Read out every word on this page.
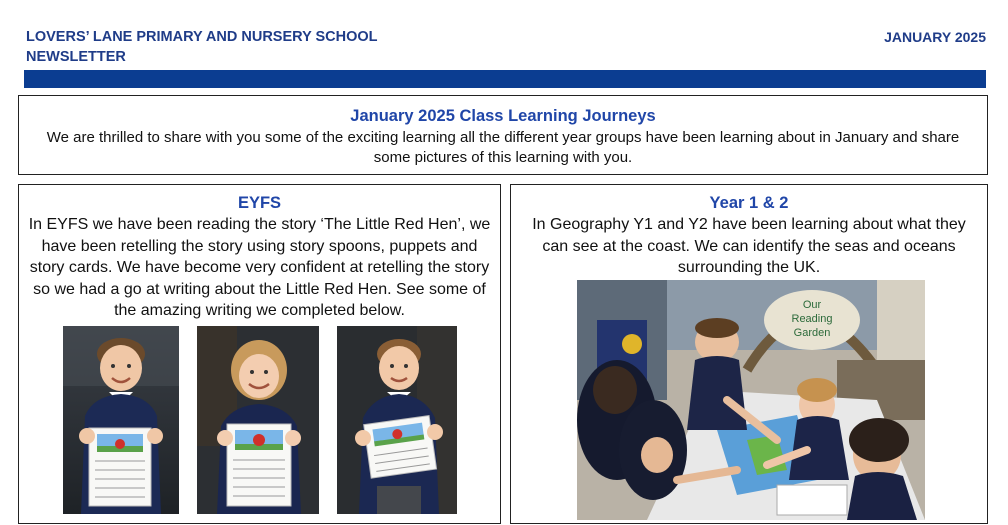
LOVERS’ LANE PRIMARY AND NURSERY SCHOOL
NEWSLETTER
JANUARY 2025
January 2025 Class Learning Journeys
We are thrilled to share with you some of the exciting learning all the different year groups have been learning about in January and share some pictures of this learning with you.
EYFS
In EYFS we have been reading the story ‘The Little Red Hen’, we have been retelling the story using story spoons, puppets and story cards. We have become very confident at retelling the story so we had a go at writing about the Little Red Hen. See some of the amazing writing we completed below.
Year 1 & 2
In Geography Y1 and Y2 have been learning about what they can see at the coast. We can identify the seas and oceans surrounding the UK.
Our
Reading
Garden
